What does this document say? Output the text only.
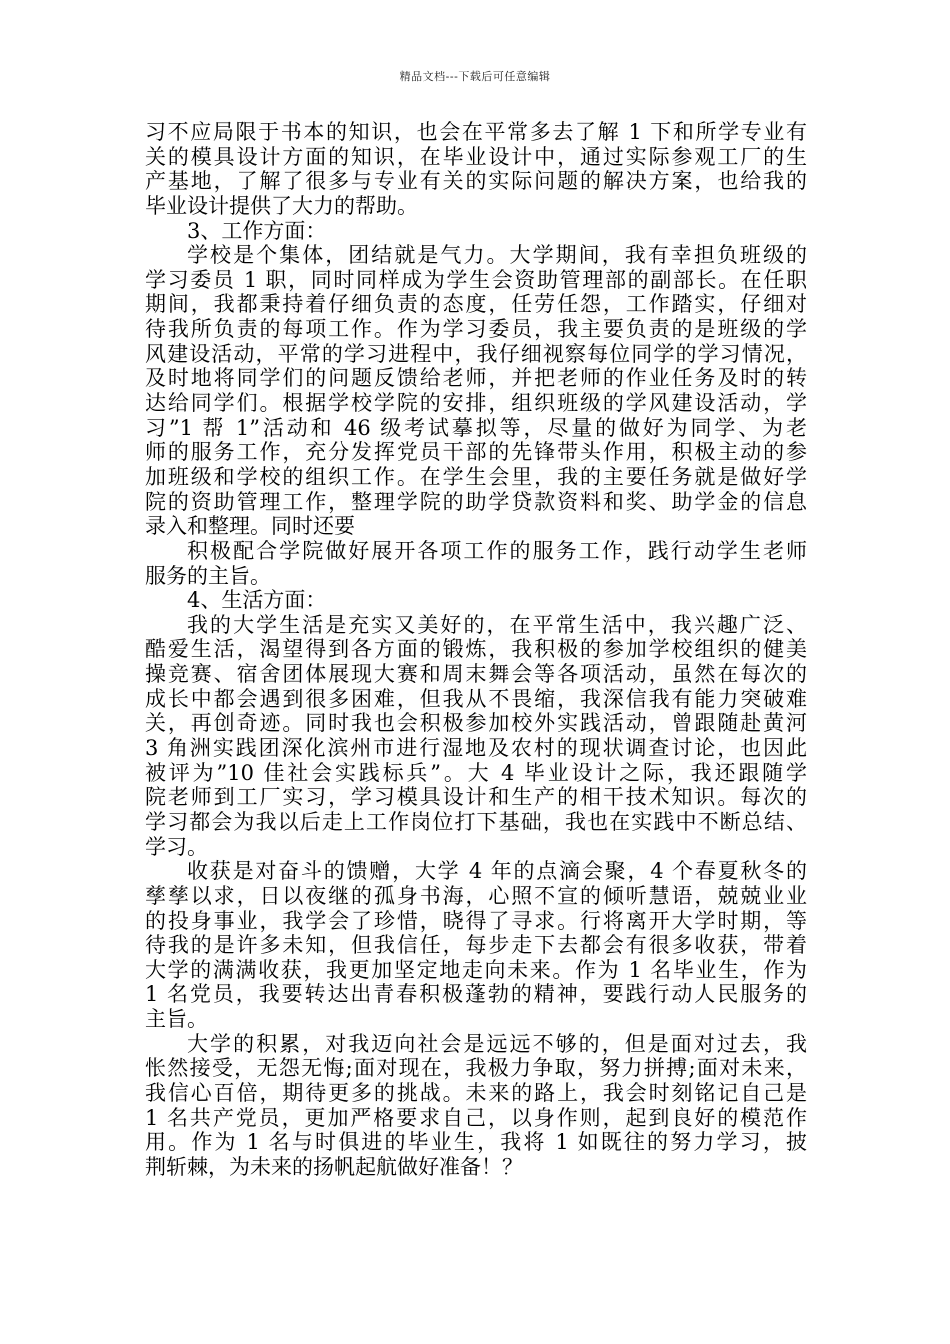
精品文档---下载后可任意编辑
习不应局限于书本的知识，也会在平常多去了解 1 下和所学专业有
关的模具设计方面的知识，在毕业设计中，通过实际参观工厂的生
产基地，了解了很多与专业有关的实际问题的解决方案，也给我的
毕业设计提供了大力的帮助。
3、工作方面：
学校是个集体，团结就是气力。大学期间，我有幸担负班级的
学习委员 1 职，同时同样成为学生会资助管理部的副部长。在任职
期间，我都秉持着仔细负责的态度，任劳任怨，工作踏实，仔细对
待我所负责的每项工作。作为学习委员，我主要负责的是班级的学
风建设活动，平常的学习进程中，我仔细视察每位同学的学习情况，
及时地将同学们的问题反馈给老师，并把老师的作业任务及时的转
达给同学们。根据学校学院的安排，组织班级的学风建设活动，学
习”1 帮 1”活动和 46 级考试摹拟等，尽量的做好为同学、为老
师的服务工作，充分发挥党员干部的先锋带头作用，积极主动的参
加班级和学校的组织工作。在学生会里，我的主要任务就是做好学
院的资助管理工作，整理学院的助学贷款资料和奖、助学金的信息
录入和整理。同时还要
积极配合学院做好展开各项工作的服务工作，践行动学生老师
服务的主旨。
4、生活方面：
我的大学生活是充实又美好的，在平常生活中，我兴趣广泛、
酷爱生活，渴望得到各方面的锻炼，我积极的参加学校组织的健美
操竞赛、宿舍团体展现大赛和周末舞会等各项活动，虽然在每次的
成长中都会遇到很多困难，但我从不畏缩，我深信我有能力突破难
关，再创奇迹。同时我也会积极参加校外实践活动，曾跟随赴黄河
3 角洲实践团深化滨州市进行湿地及农村的现状调查讨论，也因此
被评为”10 佳社会实践标兵”。大 4 毕业设计之际，我还跟随学
院老师到工厂实习，学习模具设计和生产的相干技术知识。每次的
学习都会为我以后走上工作岗位打下基础，我也在实践中不断总结、
学习。
收获是对奋斗的馈赠，大学 4 年的点滴会聚，4 个春夏秋冬的
孳孳以求，日以夜继的孤身书海，心照不宣的倾听慧语，兢兢业业
的投身事业，我学会了珍惜，晓得了寻求。行将离开大学时期，等
待我的是许多未知，但我信任，每步走下去都会有很多收获，带着
大学的满满收获，我更加坚定地走向未来。作为 1 名毕业生，作为
1 名党员，我要转达出青春积极蓬勃的精神，要践行动人民服务的
主旨。
大学的积累，对我迈向社会是远远不够的，但是面对过去，我
怅然接受，无怨无悔;面对现在，我极力争取，努力拼搏;面对未来，
我信心百倍，期待更多的挑战。未来的路上，我会时刻铭记自己是
1 名共产党员，更加严格要求自己，以身作则，起到良好的模范作
用。作为 1 名与时俱进的毕业生，我将 1 如既往的努力学习，披
荆斩棘，为未来的扬帆起航做好准备！？
